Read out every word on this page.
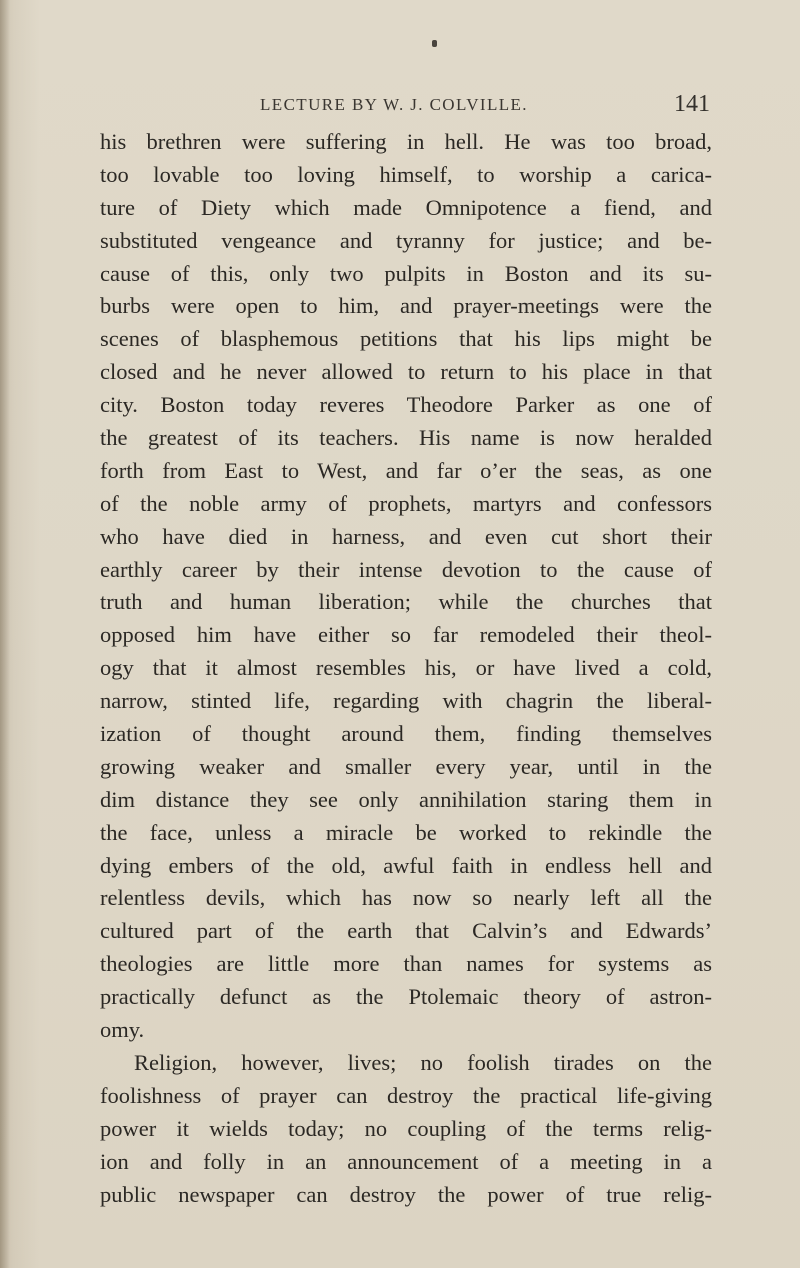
LECTURE BY W. J. COLVILLE.	141
his brethren were suffering in hell. He was too broad,
too lovable too loving himself, to worship a carica-
ture of Diety which made Omnipotence a fiend, and
substituted vengeance and tyranny for justice; and be-
cause of this, only two pulpits in Boston and its su-
burbs were open to him, and prayer-meetings were the
scenes of blasphemous petitions that his lips might be
closed and he never allowed to return to his place in that
city. Boston today reveres Theodore Parker as one of
the greatest of its teachers. His name is now heralded
forth from East to West, and far o’er the seas, as one
of the noble army of prophets, martyrs and confessors
who have died in harness, and even cut short their
earthly career by their intense devotion to the cause of
truth and human liberation; while the churches that
opposed him have either so far remodeled their theol-
ogy that it almost resembles his, or have lived a cold,
narrow, stinted life, regarding with chagrin the liberal-
ization of thought around them, finding themselves
growing weaker and smaller every year, until in the
dim distance they see only annihilation staring them in
the face, unless a miracle be worked to rekindle the
dying embers of the old, awful faith in endless hell and
relentless devils, which has now so nearly left all the
cultured part of the earth that Calvin’s and Edwards’
theologies are little more than names for systems as
practically defunct as the Ptolemaic theory of astron-
omy.
Religion, however, lives; no foolish tirades on the
foolishness of prayer can destroy the practical life-giving
power it wields today; no coupling of the terms relig-
ion and folly in an announcement of a meeting in a
public newspaper can destroy the power of true relig-
